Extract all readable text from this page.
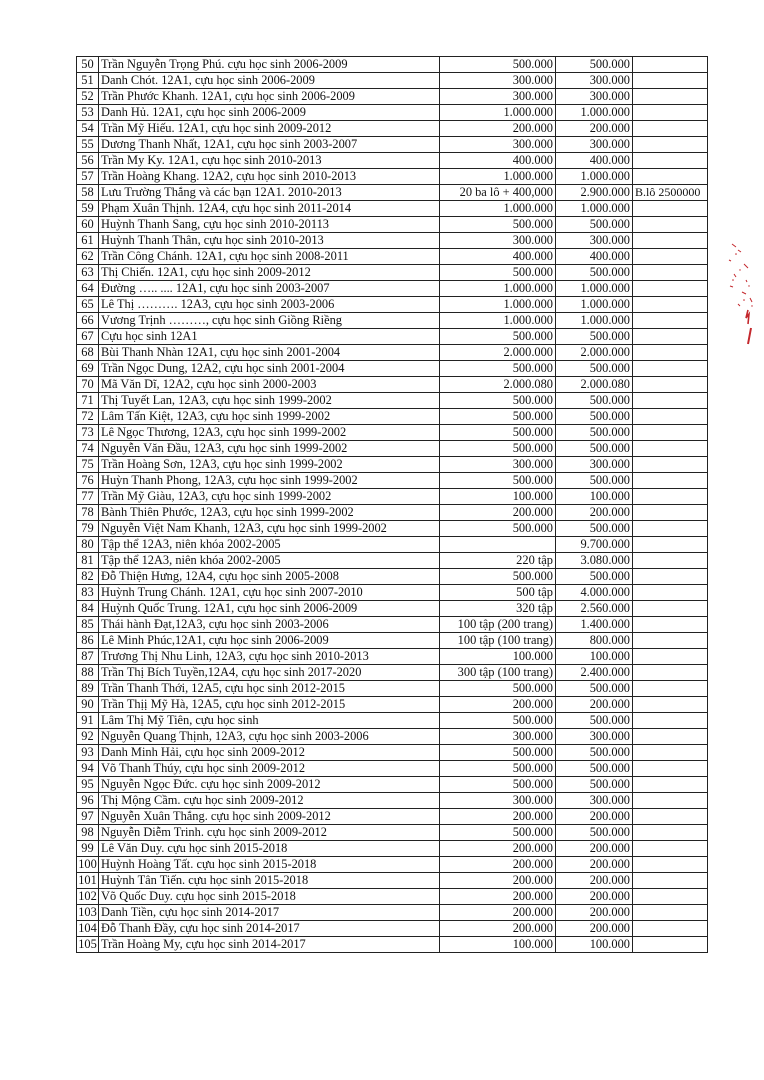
50	Trần Nguyễn Trọng Phú. cựu học sinh 2006-2009	500.000	500.000	
51	Danh Chót. 12A1, cựu học sinh 2006-2009	300.000	300.000	
52	Trần Phước Khanh. 12A1, cựu học sinh 2006-2009	300.000	300.000	
53	Danh Hủ. 12A1, cựu học sinh 2006-2009	1.000.000	1.000.000	
54	Trần Mỹ Hiếu. 12A1, cựu học sinh 2009-2012	200.000	200.000	
55	Dương Thanh Nhất, 12A1, cựu học sinh 2003-2007	300.000	300.000	
56	Trần My Ky. 12A1, cựu học sinh 2010-2013	400.000	400.000	
57	Trần Hoàng Khang. 12A2, cựu học sinh 2010-2013	1.000.000	1.000.000	
58	Lưu Trường Thắng và các bạn 12A1. 2010-2013	20 ba lô + 400,000	2.900.000	B.lô 2500000
59	Phạm Xuân Thịnh. 12A4, cựu học sinh 2011-2014	1.000.000	1.000.000	
60	Huỳnh Thanh Sang, cựu học sinh 2010-20113	500.000	500.000	
61	Huỳnh Thanh Thân, cựu học sinh 2010-2013	300.000	300.000	
62	Trần Công Chánh. 12A1, cựu học sinh 2008-2011	400.000	400.000	
63	Thị Chiến. 12A1, cựu học sinh 2009-2012	500.000	500.000	
64	Đường ….. .... 12A1, cựu học sinh 2003-2007	1.000.000	1.000.000	
65	Lê Thị ………. 12A3, cựu học sinh 2003-2006	1.000.000	1.000.000	
66	Vương Trịnh ………, cựu học sinh Giồng Riềng	1.000.000	1.000.000	
67	Cựu học sinh 12A1	500.000	500.000	
68	Bùi Thanh Nhàn 12A1, cựu học sinh 2001-2004	2.000.000	2.000.000	
69	Trần Ngọc Dung, 12A2, cựu học sinh 2001-2004	500.000	500.000	
70	Mã Văn Dĩ, 12A2, cựu học sinh 2000-2003	2.000.080	2.000.080	
71	Thị Tuyết Lan, 12A3, cựu học sinh 1999-2002	500.000	500.000	
72	Lâm Tấn Kiệt, 12A3, cựu học sinh 1999-2002	500.000	500.000	
73	Lê Ngọc Thương, 12A3, cựu học sinh 1999-2002	500.000	500.000	
74	Nguyễn Văn Đầu, 12A3, cựu học sinh 1999-2002	500.000	500.000	
75	Trần Hoàng Sơn, 12A3, cựu học sinh 1999-2002	300.000	300.000	
76	Huỳn Thanh Phong, 12A3, cựu học sinh 1999-2002	500.000	500.000	
77	Trần Mỹ Giàu, 12A3, cựu học sinh 1999-2002	100.000	100.000	
78	Bành Thiên Phước, 12A3, cựu học sinh 1999-2002	200.000	200.000	
79	Nguyễn Việt Nam Khanh, 12A3, cựu học sinh 1999-2002	500.000	500.000	
80	Tập thể 12A3, niên khóa 2002-2005		9.700.000	
81	Tập thể 12A3, niên khóa 2002-2005	220 tập	3.080.000	
82	Đỗ Thiện Hưng, 12A4, cựu học sinh 2005-2008	500.000	500.000	
83	Huỳnh Trung Chánh. 12A1, cựu học sinh 2007-2010	500 tập	4.000.000	
84	Huỳnh Quốc Trung. 12A1, cựu học sinh 2006-2009	320 tập	2.560.000	
85	Thái hành Đạt,12A3, cựu học sinh 2003-2006	100 tập (200 trang)	1.400.000	
86	Lê Minh Phúc,12A1, cựu học sinh 2006-2009	100 tập (100 trang)	800.000	
87	Trương Thị Nhu Linh, 12A3, cựu học sinh 2010-2013	100.000	100.000	
88	Trần Thị Bích Tuyền,12A4, cựu học sinh 2017-2020	300 tập (100 trang)	2.400.000	
89	Trần Thanh Thới, 12A5, cựu học sinh 2012-2015	500.000	500.000	
90	Trần Thịị Mỹ Hà, 12A5, cựu học sinh 2012-2015	200.000	200.000	
91	Lâm Thị Mỹ Tiên, cựu học sinh	500.000	500.000	
92	Nguyễn Quang Thịnh, 12A3, cựu học sinh 2003-2006	300.000	300.000	
93	Danh Minh Hải, cựu học sinh 2009-2012	500.000	500.000	
94	Võ Thanh Thúy, cựu học sinh 2009-2012	500.000	500.000	
95	Nguyễn Ngọc Đức. cựu học sinh 2009-2012	500.000	500.000	
96	Thị Mộng Cầm. cựu học sinh 2009-2012	300.000	300.000	
97	Nguyễn Xuân Thắng. cựu học sinh 2009-2012	200.000	200.000	
98	Nguyễn Diễm Trinh. cựu học sinh 2009-2012	500.000	500.000	
99	Lê Văn Duy. cựu học sinh 2015-2018	200.000	200.000	
100	Huỳnh Hoàng Tất. cựu học sinh 2015-2018	200.000	200.000	
101	Huỳnh Tân Tiến. cựu học sinh 2015-2018	200.000	200.000	
102	Võ Quốc Duy. cựu học sinh 2015-2018	200.000	200.000	
103	Danh Tiền, cựu học sinh 2014-2017	200.000	200.000	
104	Đỗ Thanh Đầy, cựu học sinh 2014-2017	200.000	200.000	
105	Trần Hoàng My, cựu học sinh 2014-2017	100.000	100.000	
